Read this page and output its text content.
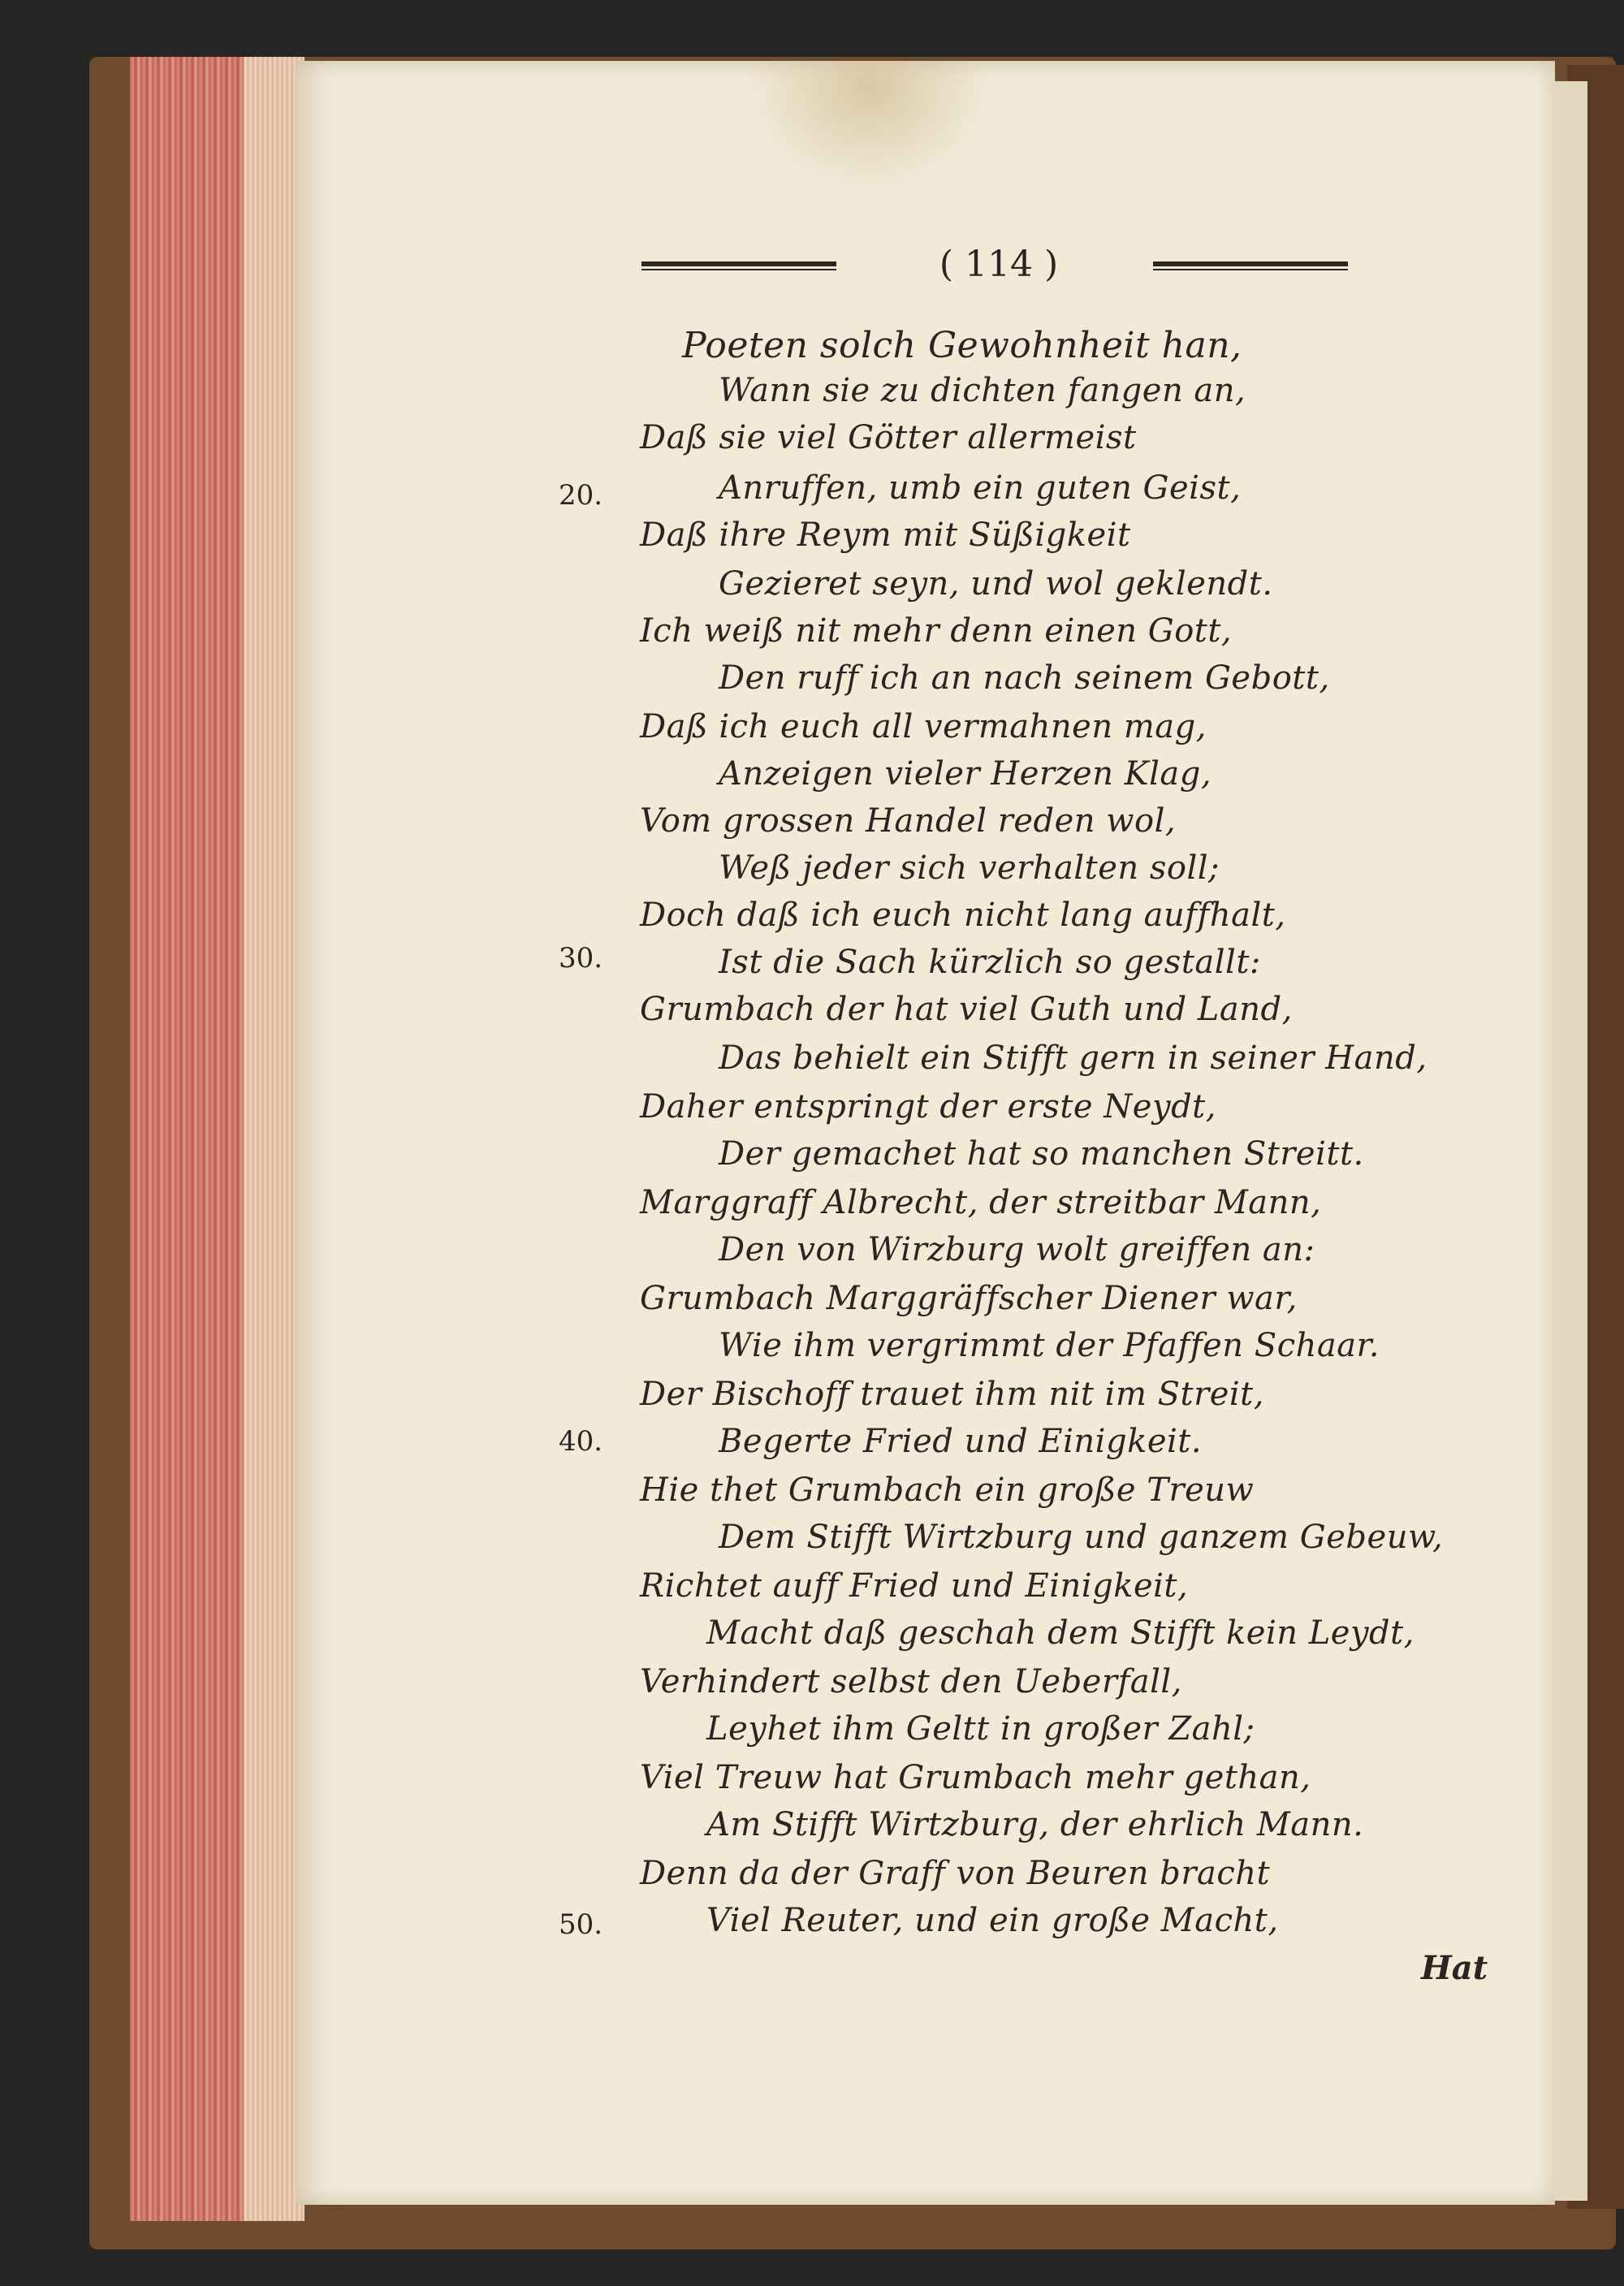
( 114 )
20.
30.
40.
50.
Poeten solch Gewohnheit han,
Wann sie zu dichten fangen an,
Daß sie viel Götter allermeist
Anruffen, umb ein guten Geist,
Daß ihre Reym mit Süßigkeit
Gezieret seyn, und wol geklendt.
Ich weiß nit mehr denn einen Gott,
Den ruff ich an nach seinem Gebott,
Daß ich euch all vermahnen mag,
Anzeigen vieler Herzen Klag,
Vom grossen Handel reden wol,
Weß jeder sich verhalten soll;
Doch daß ich euch nicht lang auffhalt,
Ist die Sach kürzlich so gestallt:
Grumbach der hat viel Guth und Land,
Das behielt ein Stifft gern in seiner Hand,
Daher entspringt der erste Neydt,
Der gemachet hat so manchen Streitt.
Marggraff Albrecht, der streitbar Mann,
Den von Wirzburg wolt greiffen an:
Grumbach Marggräffscher Diener war,
Wie ihm vergrimmt der Pfaffen Schaar.
Der Bischoff trauet ihm nit im Streit,
Begerte Fried und Einigkeit.
Hie thet Grumbach ein große Treuw
Dem Stifft Wirtzburg und ganzem Gebeuw,
Richtet auff Fried und Einigkeit,
Macht daß geschah dem Stifft kein Leydt,
Verhindert selbst den Ueberfall,
Leyhet ihm Geltt in großer Zahl;
Viel Treuw hat Grumbach mehr gethan,
Am Stifft Wirtzburg, der ehrlich Mann.
Denn da der Graff von Beuren bracht
Viel Reuter, und ein große Macht,
Hat
